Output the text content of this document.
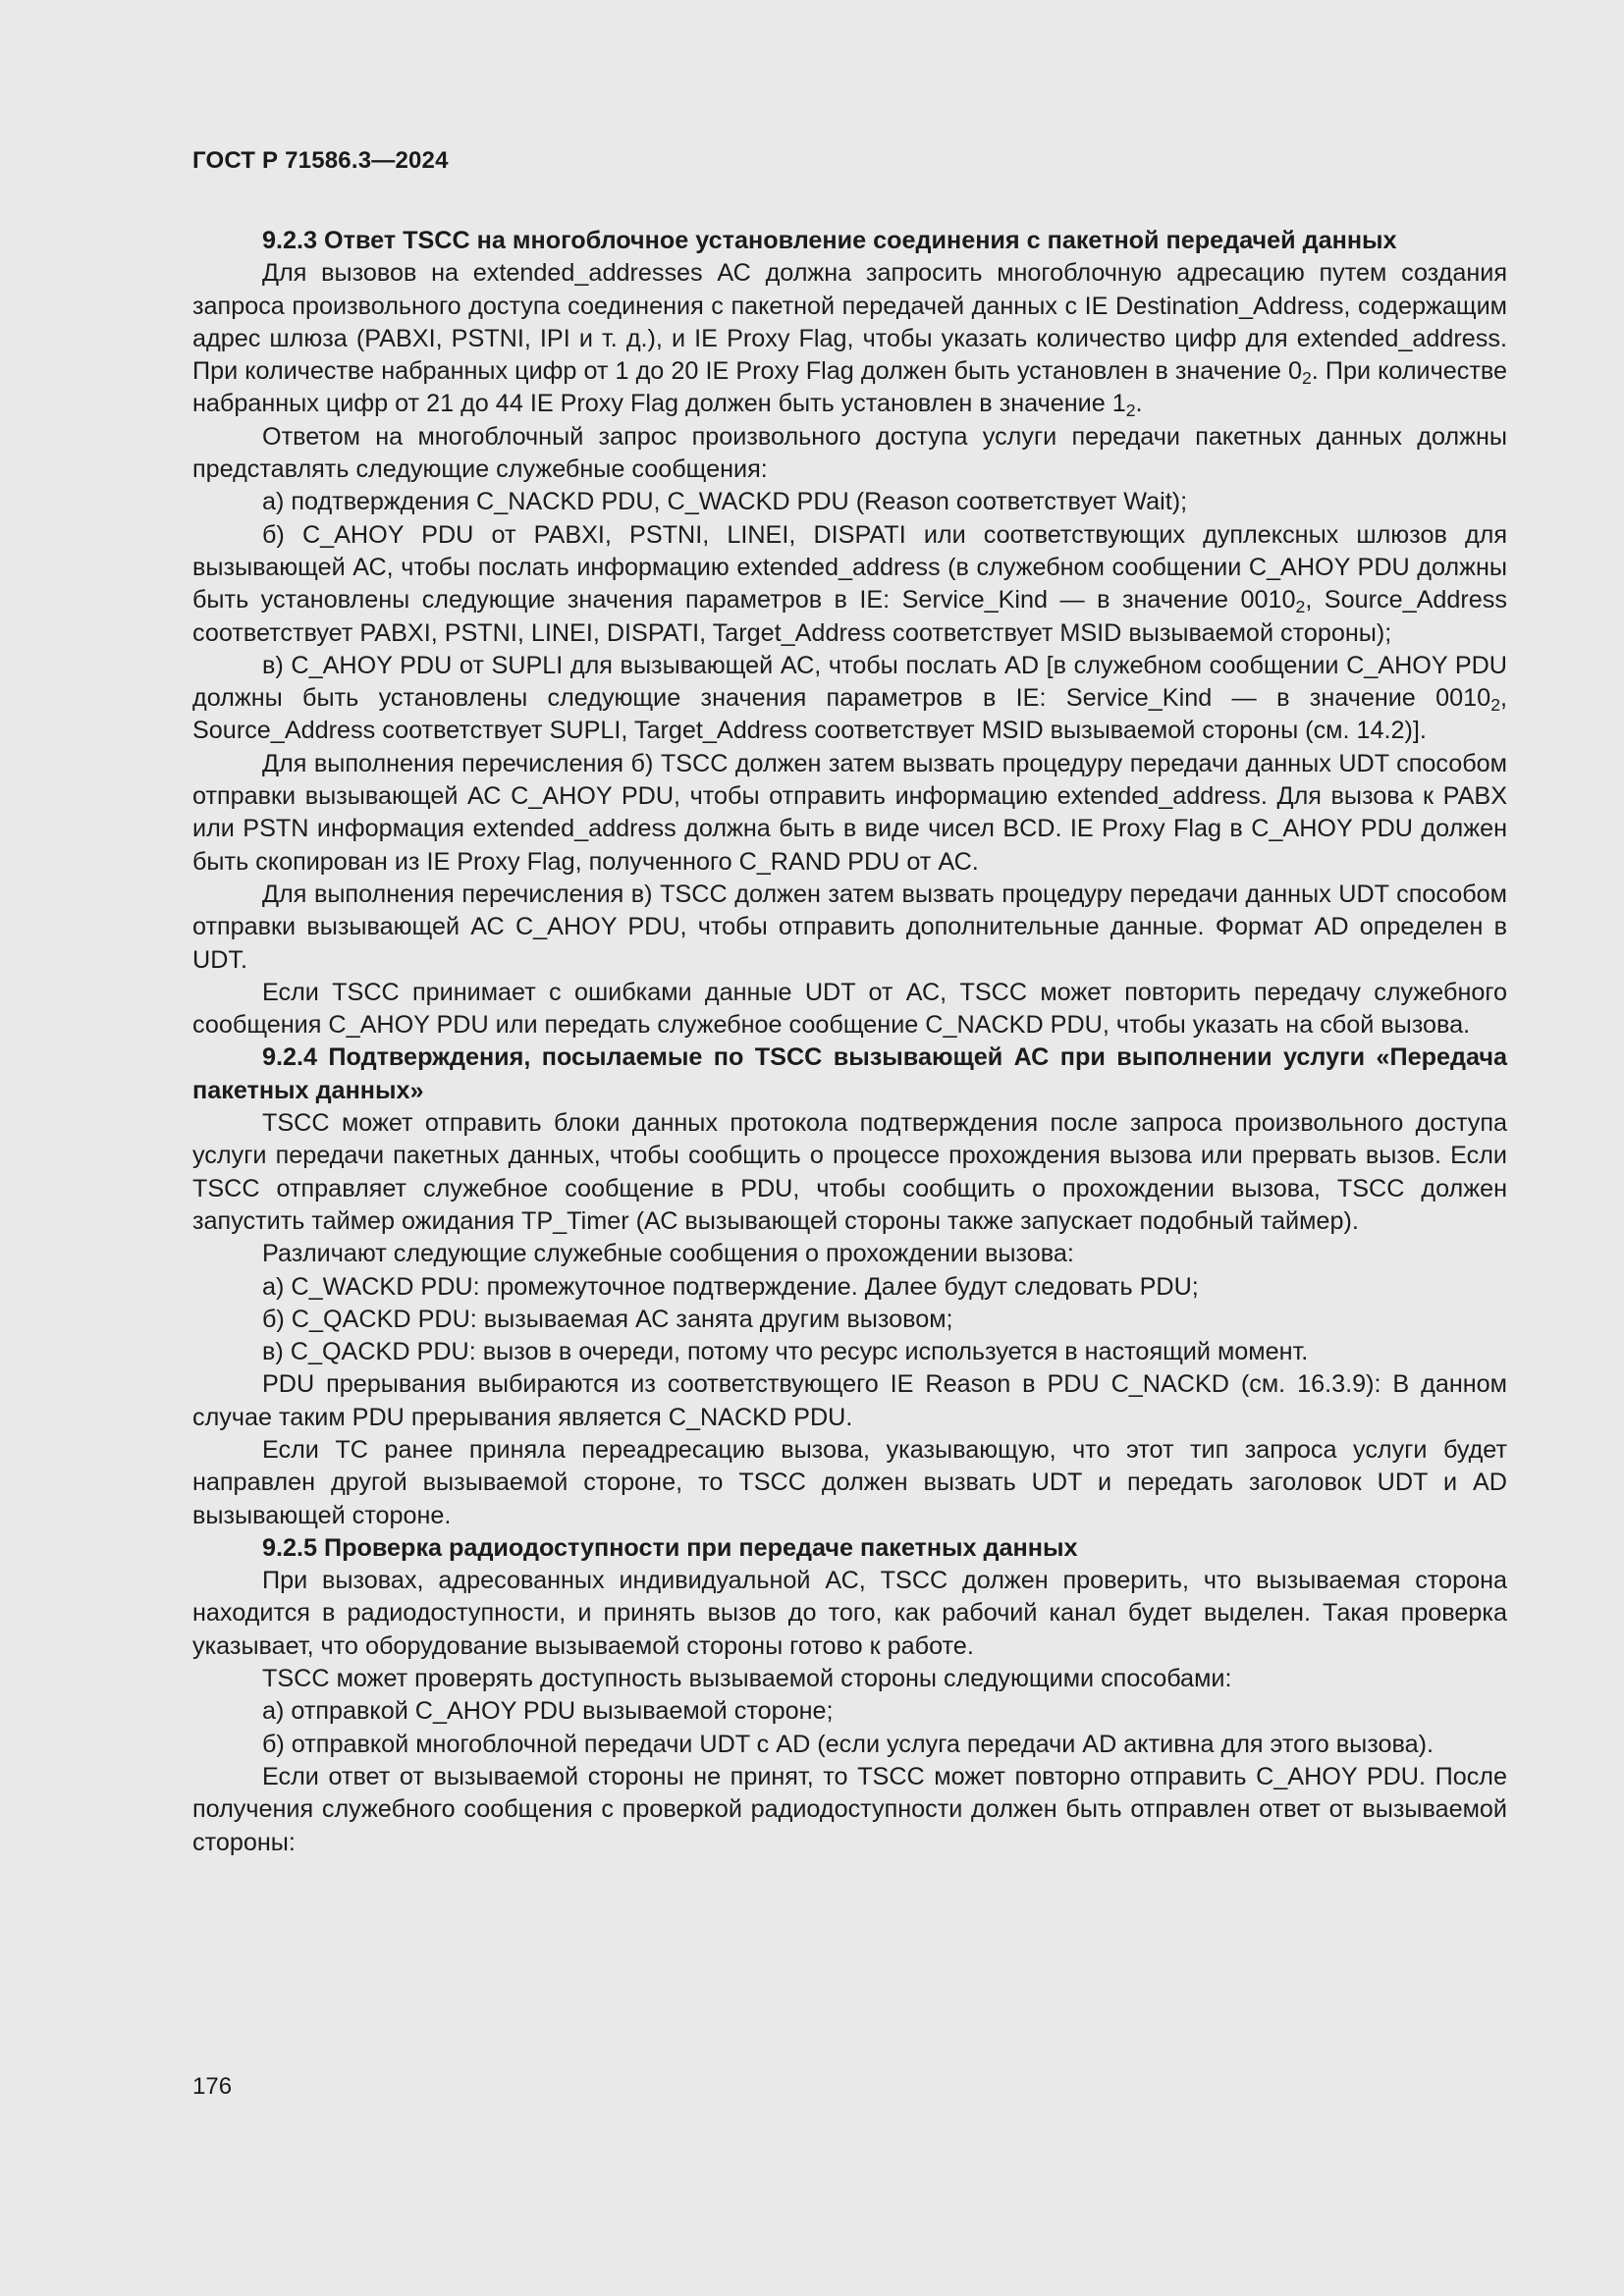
ГОСТ Р 71586.3—2024

9.2.3 Ответ TSCC на многоблочное установление соединения с пакетной передачей данных

Для вызовов на extended_addresses АС должна запросить многоблочную адресацию путем создания запроса произвольного доступа соединения с пакетной передачей данных с IE Destination_Address, содержащим адрес шлюза (PABXI, PSTNI, IPI и т. д.), и IE Proxy Flag, чтобы указать количество цифр для extended_address. При количестве набранных цифр от 1 до 20 IE Proxy Flag должен быть установлен в значение $0_2$. При количестве набранных цифр от 21 до 44 IE Proxy Flag должен быть установлен в значение $1_2$.

Ответом на многоблочный запрос произвольного доступа услуги передачи пакетных данных должны представлять следующие служебные сообщения:

а) подтверждения C_NACKD PDU, C_WACKD PDU (Reason соответствует Wait);

б) C_AHOY PDU от PABXI, PSTNI, LINEI, DISPATI или соответствующих дуплексных шлюзов для вызывающей АС, чтобы послать информацию extended_address (в служебном сообщении C_AHOY PDU должны быть установлены следующие значения параметров в IE: Service_Kind — в значение $0010_2$, Source_Address соответствует PABXI, PSTNI, LINEI, DISPATI, Target_Address соответствует MSID вызываемой стороны);

в) C_AHOY PDU от SUPLI для вызывающей АС, чтобы послать AD [в служебном сообщении C_AHOY PDU должны быть установлены следующие значения параметров в IE: Service_Kind — в значение $0010_2$, Source_Address соответствует SUPLI, Target_Address соответствует MSID вызываемой стороны (см. 14.2)].

Для выполнения перечисления б) TSCC должен затем вызвать процедуру передачи данных UDT способом отправки вызывающей АС C_AHOY PDU, чтобы отправить информацию extended_address. Для вызова к PABX или PSTN информация extended_address должна быть в виде чисел BCD. IE Proxy Flag в C_AHOY PDU должен быть скопирован из IE Proxy Flag, полученного C_RAND PDU от АС.

Для выполнения перечисления в) TSCC должен затем вызвать процедуру передачи данных UDT способом отправки вызывающей АС C_AHOY PDU, чтобы отправить дополнительные данные. Формат AD определен в UDT.

Если TSCC принимает с ошибками данные UDT от АС, TSCC может повторить передачу служебного сообщения C_AHOY PDU или передать служебное сообщение C_NACKD PDU, чтобы указать на сбой вызова.

9.2.4 Подтверждения, посылаемые по TSCC вызывающей АС при выполнении услуги «Передача пакетных данных»

TSCC может отправить блоки данных протокола подтверждения после запроса произвольного доступа услуги передачи пакетных данных, чтобы сообщить о процессе прохождения вызова или прервать вызов. Если TSCC отправляет служебное сообщение в PDU, чтобы сообщить о прохождении вызова, TSCC должен запустить таймер ожидания TP_Timer (АС вызывающей стороны также запускает подобный таймер).

Различают следующие служебные сообщения о прохождении вызова:

а) C_WACKD PDU: промежуточное подтверждение. Далее будут следовать PDU;

б) C_QACKD PDU: вызываемая АС занята другим вызовом;

в) C_QACKD PDU: вызов в очереди, потому что ресурс используется в настоящий момент.

PDU прерывания выбираются из соответствующего IE Reason в PDU C_NACKD (см. 16.3.9): В данном случае таким PDU прерывания является C_NACKD PDU.

Если ТС ранее приняла переадресацию вызова, указывающую, что этот тип запроса услуги будет направлен другой вызываемой стороне, то TSCC должен вызвать UDT и передать заголовок UDT и AD вызывающей стороне.

9.2.5 Проверка радиодоступности при передаче пакетных данных

При вызовах, адресованных индивидуальной АС, TSCC должен проверить, что вызываемая сторона находится в радиодоступности, и принять вызов до того, как рабочий канал будет выделен. Такая проверка указывает, что оборудование вызываемой стороны готово к работе.

TSCC может проверять доступность вызываемой стороны следующими способами:

а) отправкой C_AHOY PDU вызываемой стороне;

б) отправкой многоблочной передачи UDT с AD (если услуга передачи AD активна для этого вызова).

Если ответ от вызываемой стороны не принят, то TSCC может повторно отправить C_AHOY PDU. После получения служебного сообщения с проверкой радиодоступности должен быть отправлен ответ от вызываемой стороны:

176
